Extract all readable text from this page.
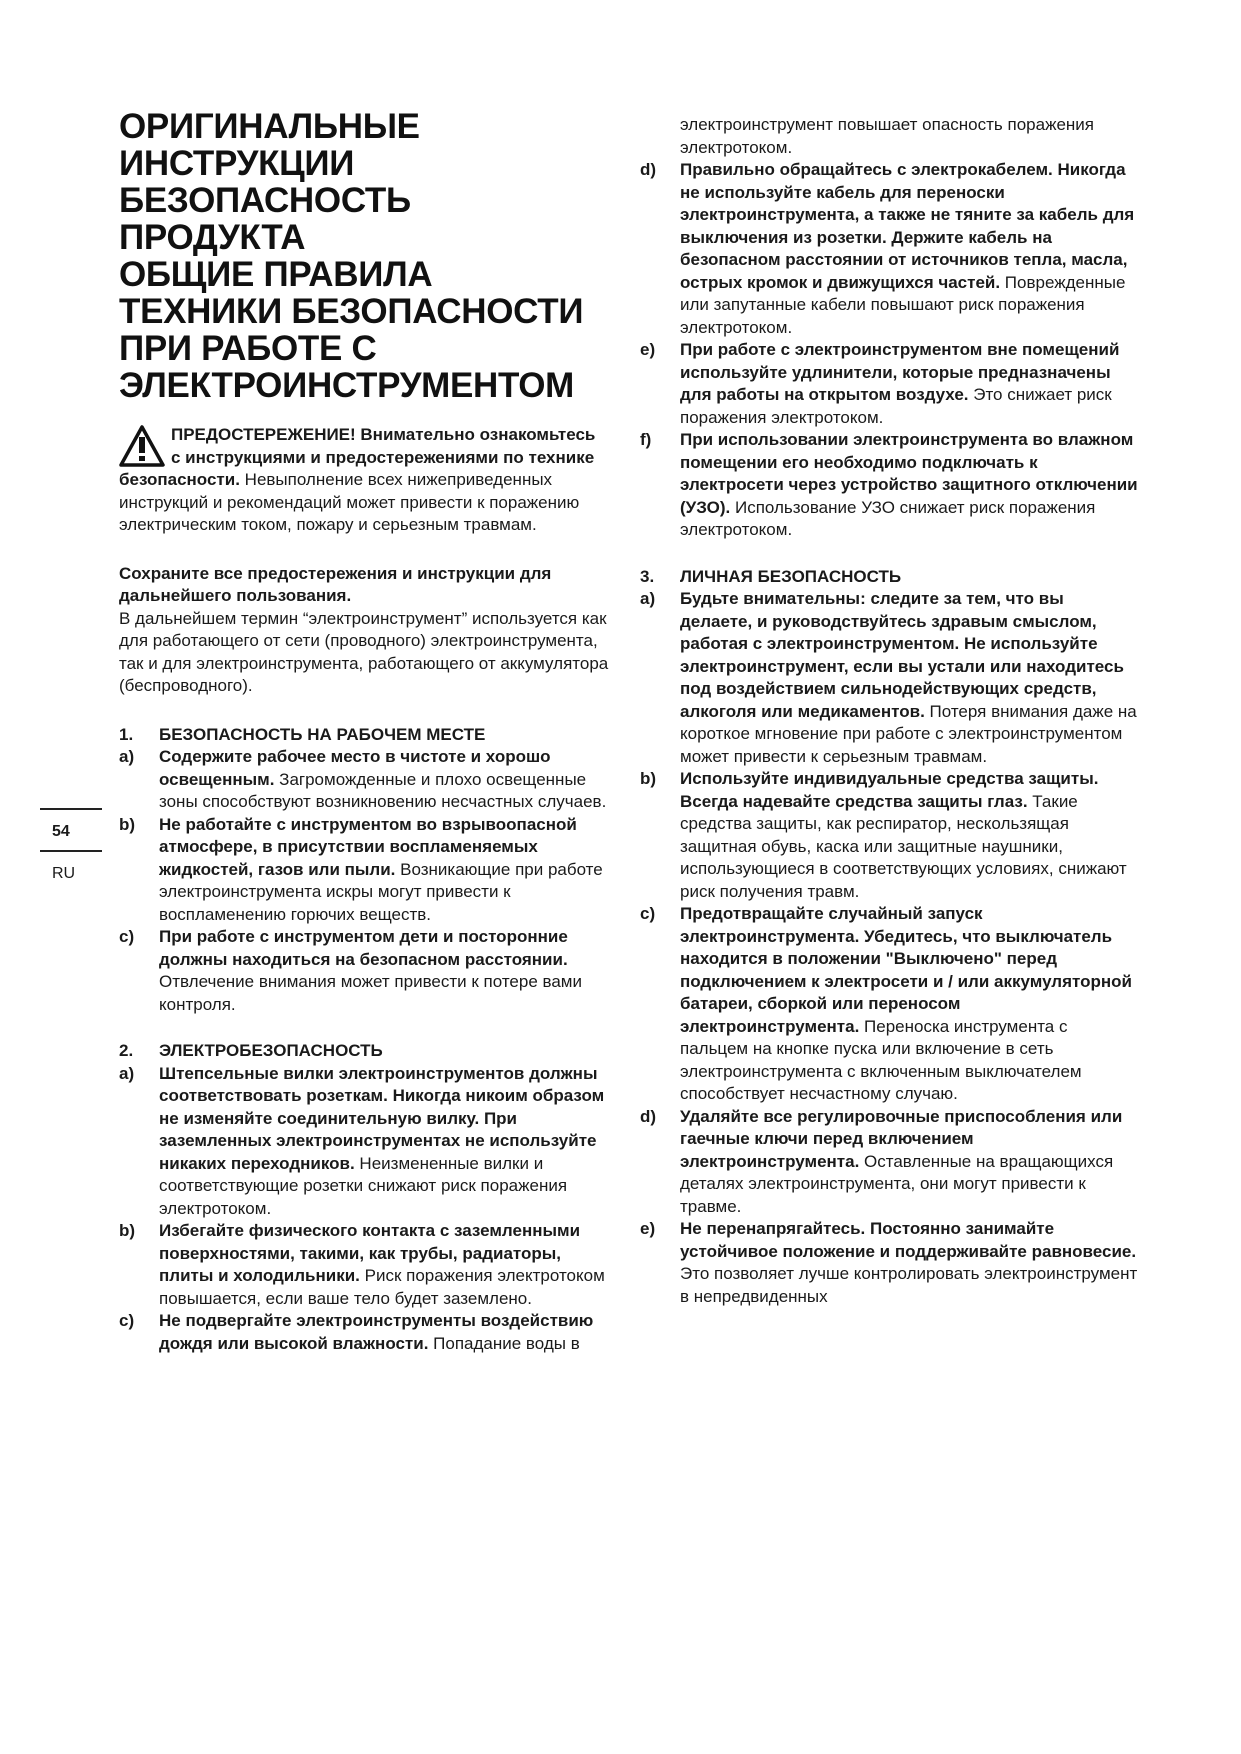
54
RU
ОРИГИНАЛЬНЫЕ
ИНСТРУКЦИИ
БЕЗОПАСНОСТЬ
ПРОДУКТА
ОБЩИЕ ПРАВИЛА
ТЕХНИКИ БЕЗОПАСНОСТИ
ПРИ РАБОТЕ С
ЭЛЕКТРОИНСТРУМЕНТОМ
ПРЕДОСТЕРЕЖЕНИЕ! Внимательно ознакомьтесь с инструкциями и предостережениями по технике безопасности. Невыполнение всех нижеприведенных инструкций и рекомендаций может привести к поражению электрическим током, пожару и серьезным травмам.

Сохраните все предостережения и инструкции для дальнейшего пользования.

В дальнейшем термин “электроинструмент” используется как для работающего от сети (проводного) электроинструмента, так и для электроинструмента, работающего от аккумулятора (беспроводного).

1.	БЕЗОПАСНОСТЬ НА РАБОЧЕМ МЕСТЕ
a)	Содержите рабочее место в чистоте и хорошо освещенным. Загроможденные и плохо освещенные зоны способствуют возникновению несчастных случаев.
b)	Не работайте с инструментом во взрывоопасной атмосфере, в присутствии воспламеняемых жидкостей, газов или пыли. Возникающие при работе электроинструмента искры могут привести к воспламенению горючих веществ.
c)	При работе с инструментом дети и посторонние должны находиться на безопасном расстоянии. Отвлечение внимания может привести к потере вами контроля.
2.	ЭЛЕКТРОБЕЗОПАСНОСТЬ
a)	Штепсельные вилки электроинструментов должны соответствовать розеткам. Никогда никоим образом не изменяйте соединительную вилку. При заземленных электроинструментах не используйте никаких переходников. Неизмененные вилки и соответствующие розетки снижают риск поражения электротоком.
b)	Избегайте физического контакта с заземленными поверхностями, такими, как трубы, радиаторы, плиты и холодильники. Риск поражения электротоком повышается, если ваше тело будет заземлено.
c)	Не подвергайте электроинструменты воздействию дождя или высокой влажности. Попадание воды в
электроинструмент повышает опасность поражения электротоком.
d)	Правильно обращайтесь с электрокабелем. Никогда не используйте кабель для переноски электроинструмента, а также не тяните за кабель для выключения из розетки. Держите кабель на безопасном расстоянии от источников тепла, масла, острых кромок и движущихся частей. Поврежденные или запутанные кабели повышают риск поражения электротоком.
e)	При работе с электроинструментом вне помещений используйте удлинители, которые предназначены для работы на открытом воздухе. Это снижает риск поражения электротоком.
f)	При использовании электроинструмента во влажном помещении его необходимо подключать к электросети через устройство защитного отключении (УЗО). Использование УЗО снижает риск поражения электротоком.
3.	ЛИЧНАЯ БЕЗОПАСНОСТЬ
a)	Будьте внимательны: следите за тем, что вы делаете, и руководствуйтесь здравым смыслом, работая с электроинструментом. Не используйте электроинструмент, если вы устали или находитесь под воздействием сильнодействующих средств, алкоголя или медикаментов. Потеря внимания даже на короткое мгновение при работе с электроинструментом может привести к серьезным травмам.
b)	Используйте индивидуальные средства защиты. Всегда надевайте средства защиты глаз. Такие средства защиты, как респиратор, нескользящая защитная обувь, каска или защитные наушники, использующиеся в соответствующих условиях, снижают риск получения травм.
c)	Предотвращайте случайный запуск электроинструмента. Убедитесь, что выключатель находится в положении "Выключено" перед подключением к электросети и / или аккумуляторной батареи, сборкой или переносом электроинструмента. Переноска инструмента с пальцем на кнопке пуска или включение в сеть электроинструмента с включенным выключателем способствует несчастному случаю.
d)	Удаляйте все регулировочные приспособления или гаечные ключи перед включением электроинструмента. Оставленные на вращающихся деталях электроинструмента, они могут привести к травме.
e)	Не перенапрягайтесь. Постоянно занимайте устойчивое положение и поддерживайте равновесие. Это позволяет лучше контролировать электроинструмент в непредвиденных
